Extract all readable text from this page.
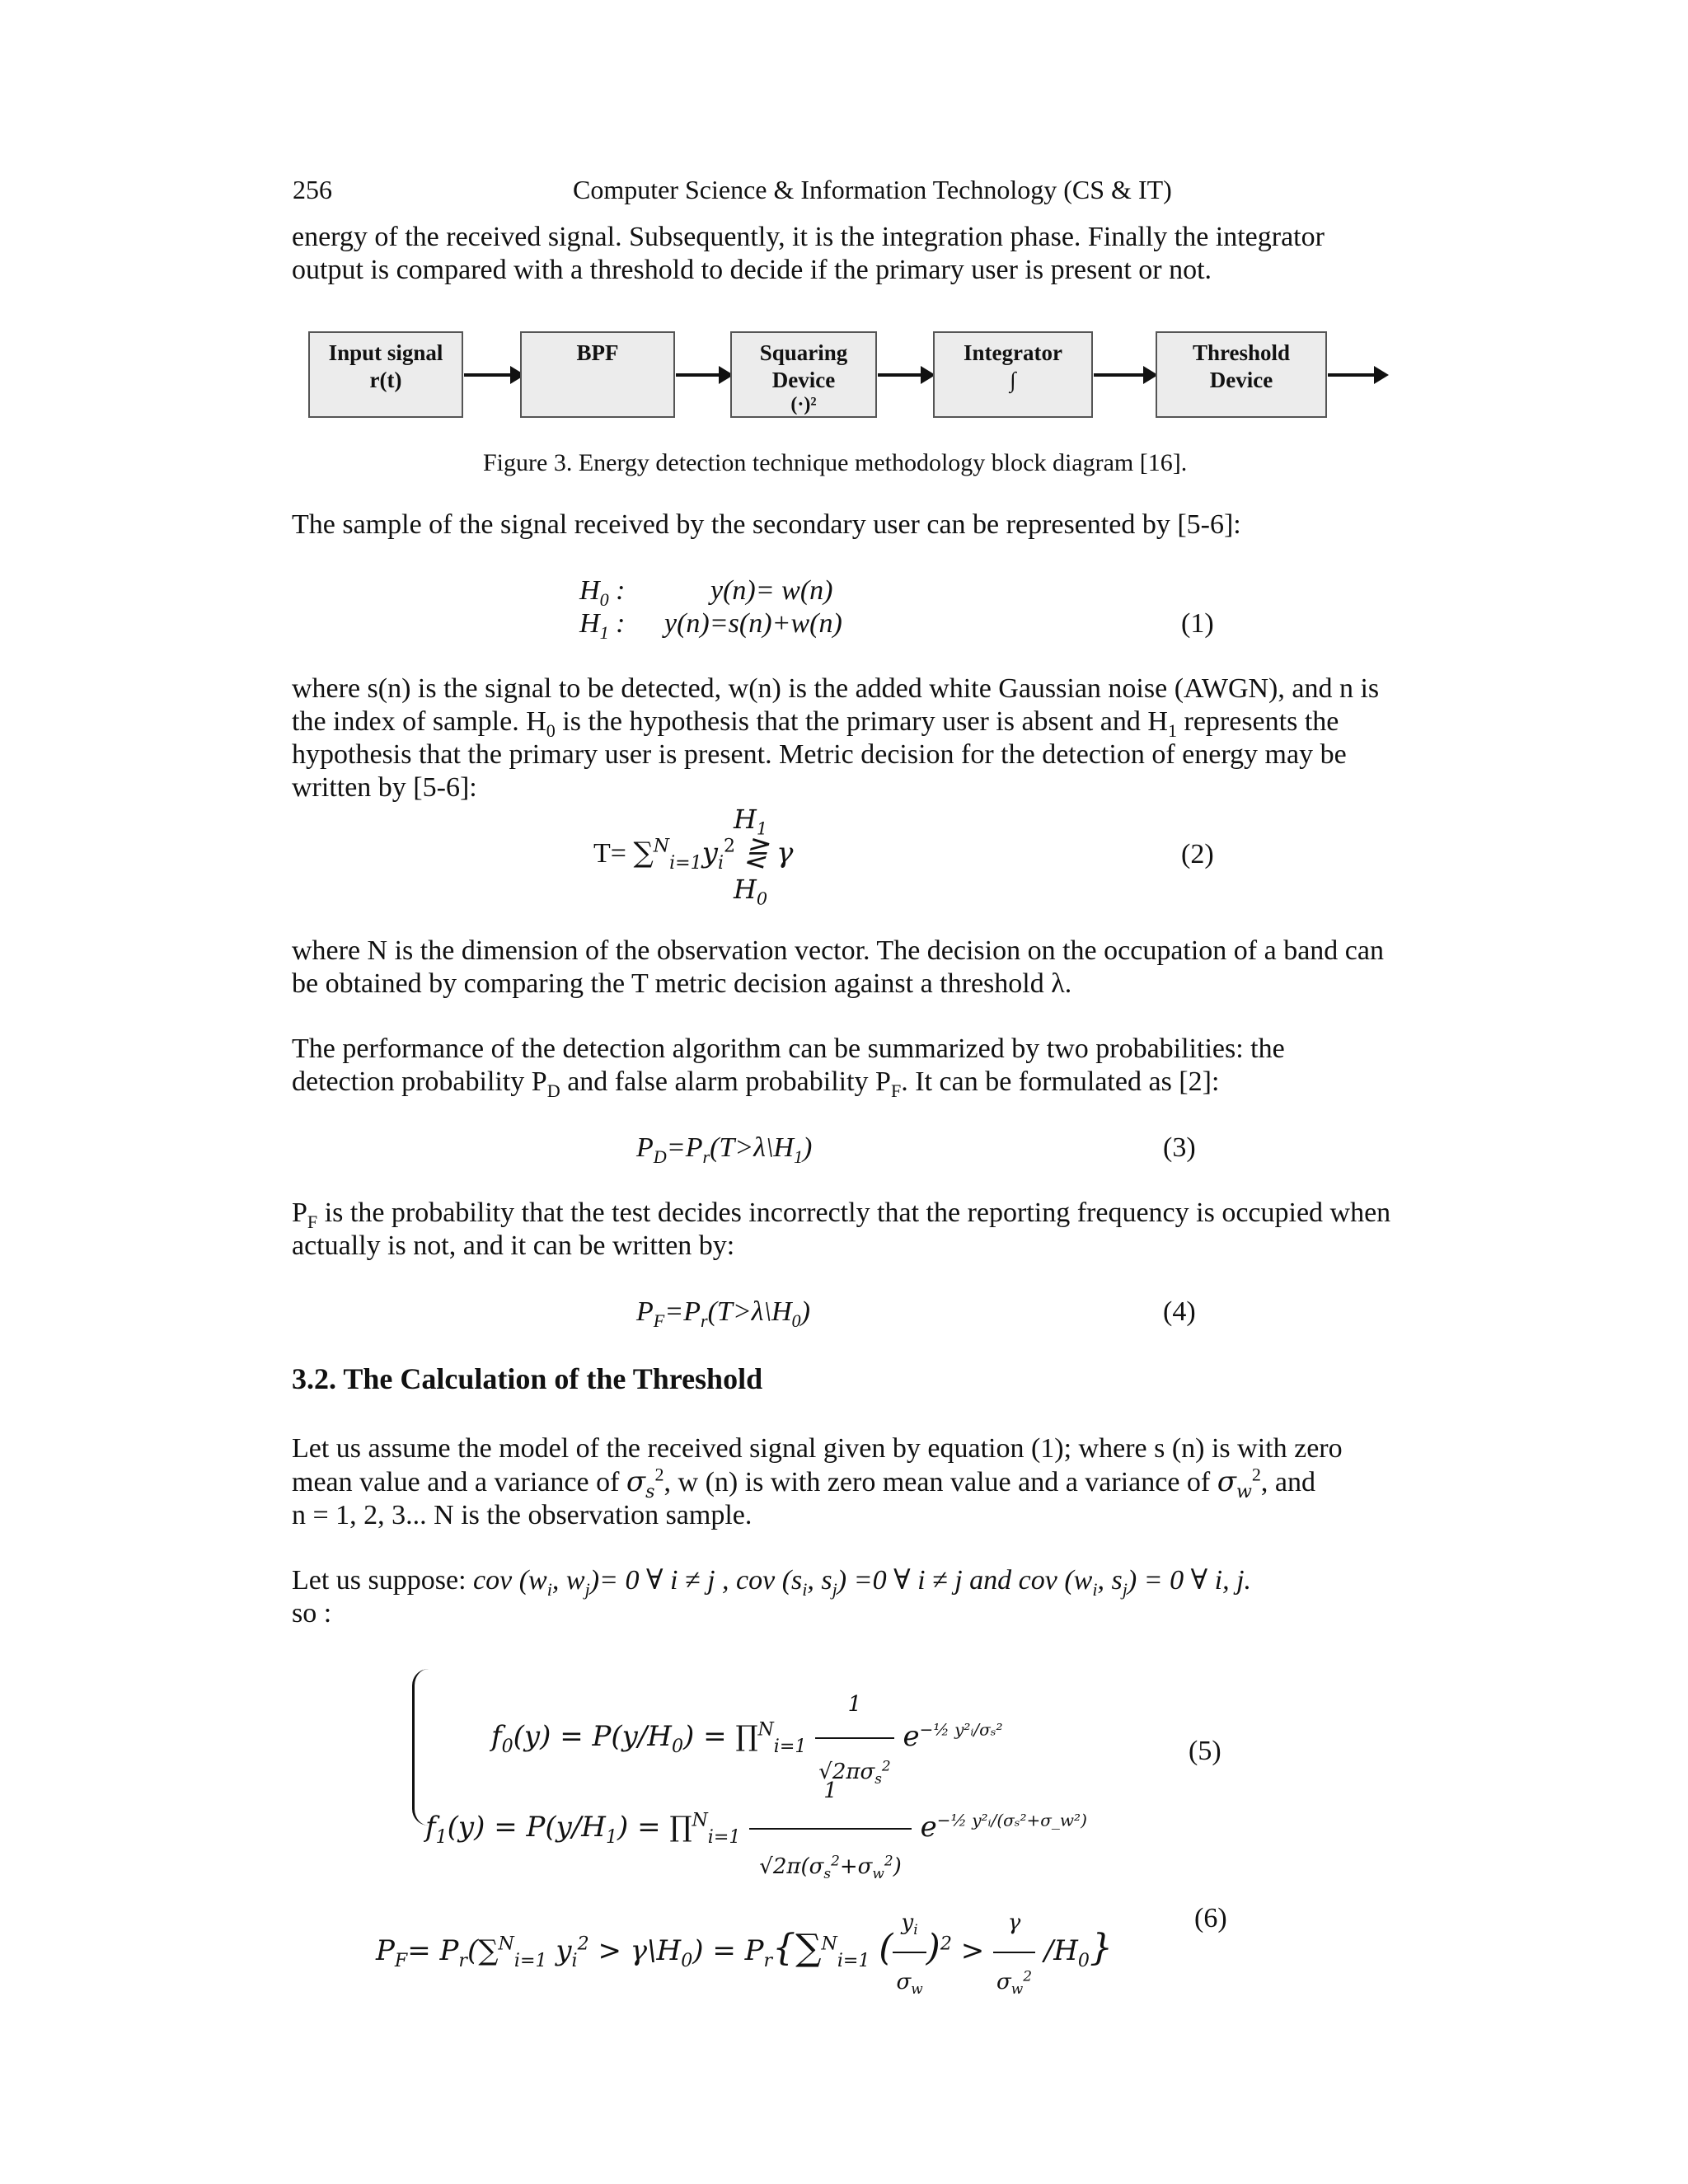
256	Computer Science & Information Technology (CS & IT)
energy of the received signal. Subsequently, it is the integration phase. Finally the integrator
output is compared with a threshold to decide if the primary user is present or not.
Input signal
r(t)
BPF	Squaring
Device
(·)²
Integrator
∫
Threshold
Device
Figure 3. Energy detection technique methodology block diagram [16].
The sample of the signal received by the secondary user can be represented by [5-6]:
$H_0$ :	y(n)= w(n)
$H_1$ : y(n)=s(n)+w(n)	(1)
where s(n) is the signal to be detected, w(n) is the added white Gaussian noise (AWGN), and n is
the index of sample. $H_0$ is the hypothesis that the primary user is absent and $H_1$ represents the
hypothesis that the primary user is present. Metric decision for the detection of energy may be
written by [5-6]:
$H_1$
$T= \sum^N_{i=1}y_i^2$ ⋛ γ
$H_0$
(2)
where N is the dimension of the observation vector. The decision on the occupation of a band can
be obtained by comparing the T metric decision against a threshold λ.
The performance of the detection algorithm can be summarized by two probabilities: the
detection probability $P_D$ and false alarm probability $P_F$. It can be formulated as [2]:
$P_D=P_r(T>\lambda\backslash H_1)$	(3)
$P_F$ is the probability that the test decides incorrectly that the reporting frequency is occupied when
actually is not, and it can be written by:
$P_F=P_r(T>\lambda\backslash H_0)$	(4)
3.2. The Calculation of the Threshold
Let us assume the model of the received signal given by equation (1); where s (n) is with zero
mean value and a variance of $\sigma_s^2$, w (n) is with zero mean value and a variance of $\sigma_w^2$, and
n = 1, 2, 3... N is the observation sample.
Let us suppose: cov ($w_i$, $w_j)= 0$ ∀ i ≠ j , cov ($s_i$, $s_j) =0$ ∀ i ≠ j and cov ($w_i$, $s_j) = 0$ ∀ i, j.
so :
$f_0(y) = P(y/H_0)$ = ∏$^N_{i=1}$ $\frac{1}{√2\pi\sigma_s^2} e^{-\frac{1}{2} y^2ᵢ/\sigma_s^2}$
$f_1(y) = P(y/H_1)$ = ∏$^N_{i=1}$ $\frac{1}{√2\pi(\sigma_s^2+\sigma_w^2)} e^{-\frac{1}{2} y^2ᵢ/(\sigma_s^2+\sigma\_w^2)}$
(5)
$P_F= P_r(\sum^N_{i=1}$ $y_i^2$ > $\gamma\backslash H_0) = P_r\{\sum^N_{i=1}$ ( $\frac{y_i}{\sigma_w} )^2 > \frac{\gamma}{\sigma_w^2} /H_0$}
(6)
